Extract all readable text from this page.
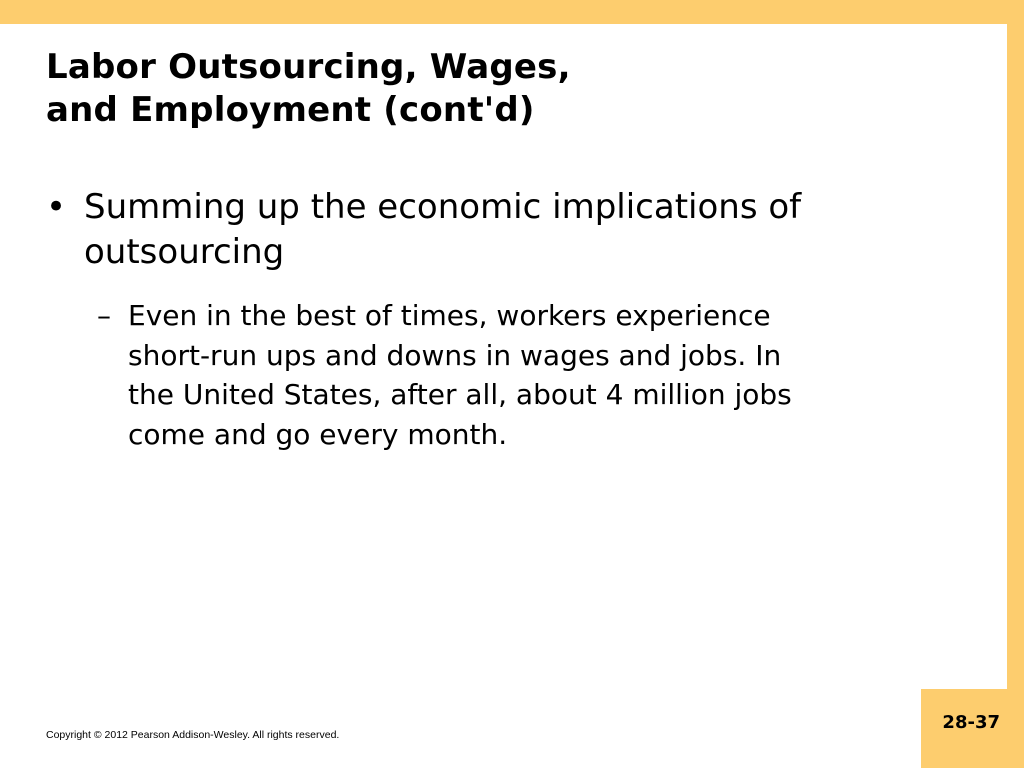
Labor Outsourcing, Wages,
and Employment (cont'd)
• Summing up the economic implications of
outsourcing
– Even in the best of times, workers experience
short-run ups and downs in wages and jobs. In
the United States, after all, about 4 million jobs
come and go every month.
Copyright © 2012 Pearson Addison-Wesley. All rights reserved.
28-37
